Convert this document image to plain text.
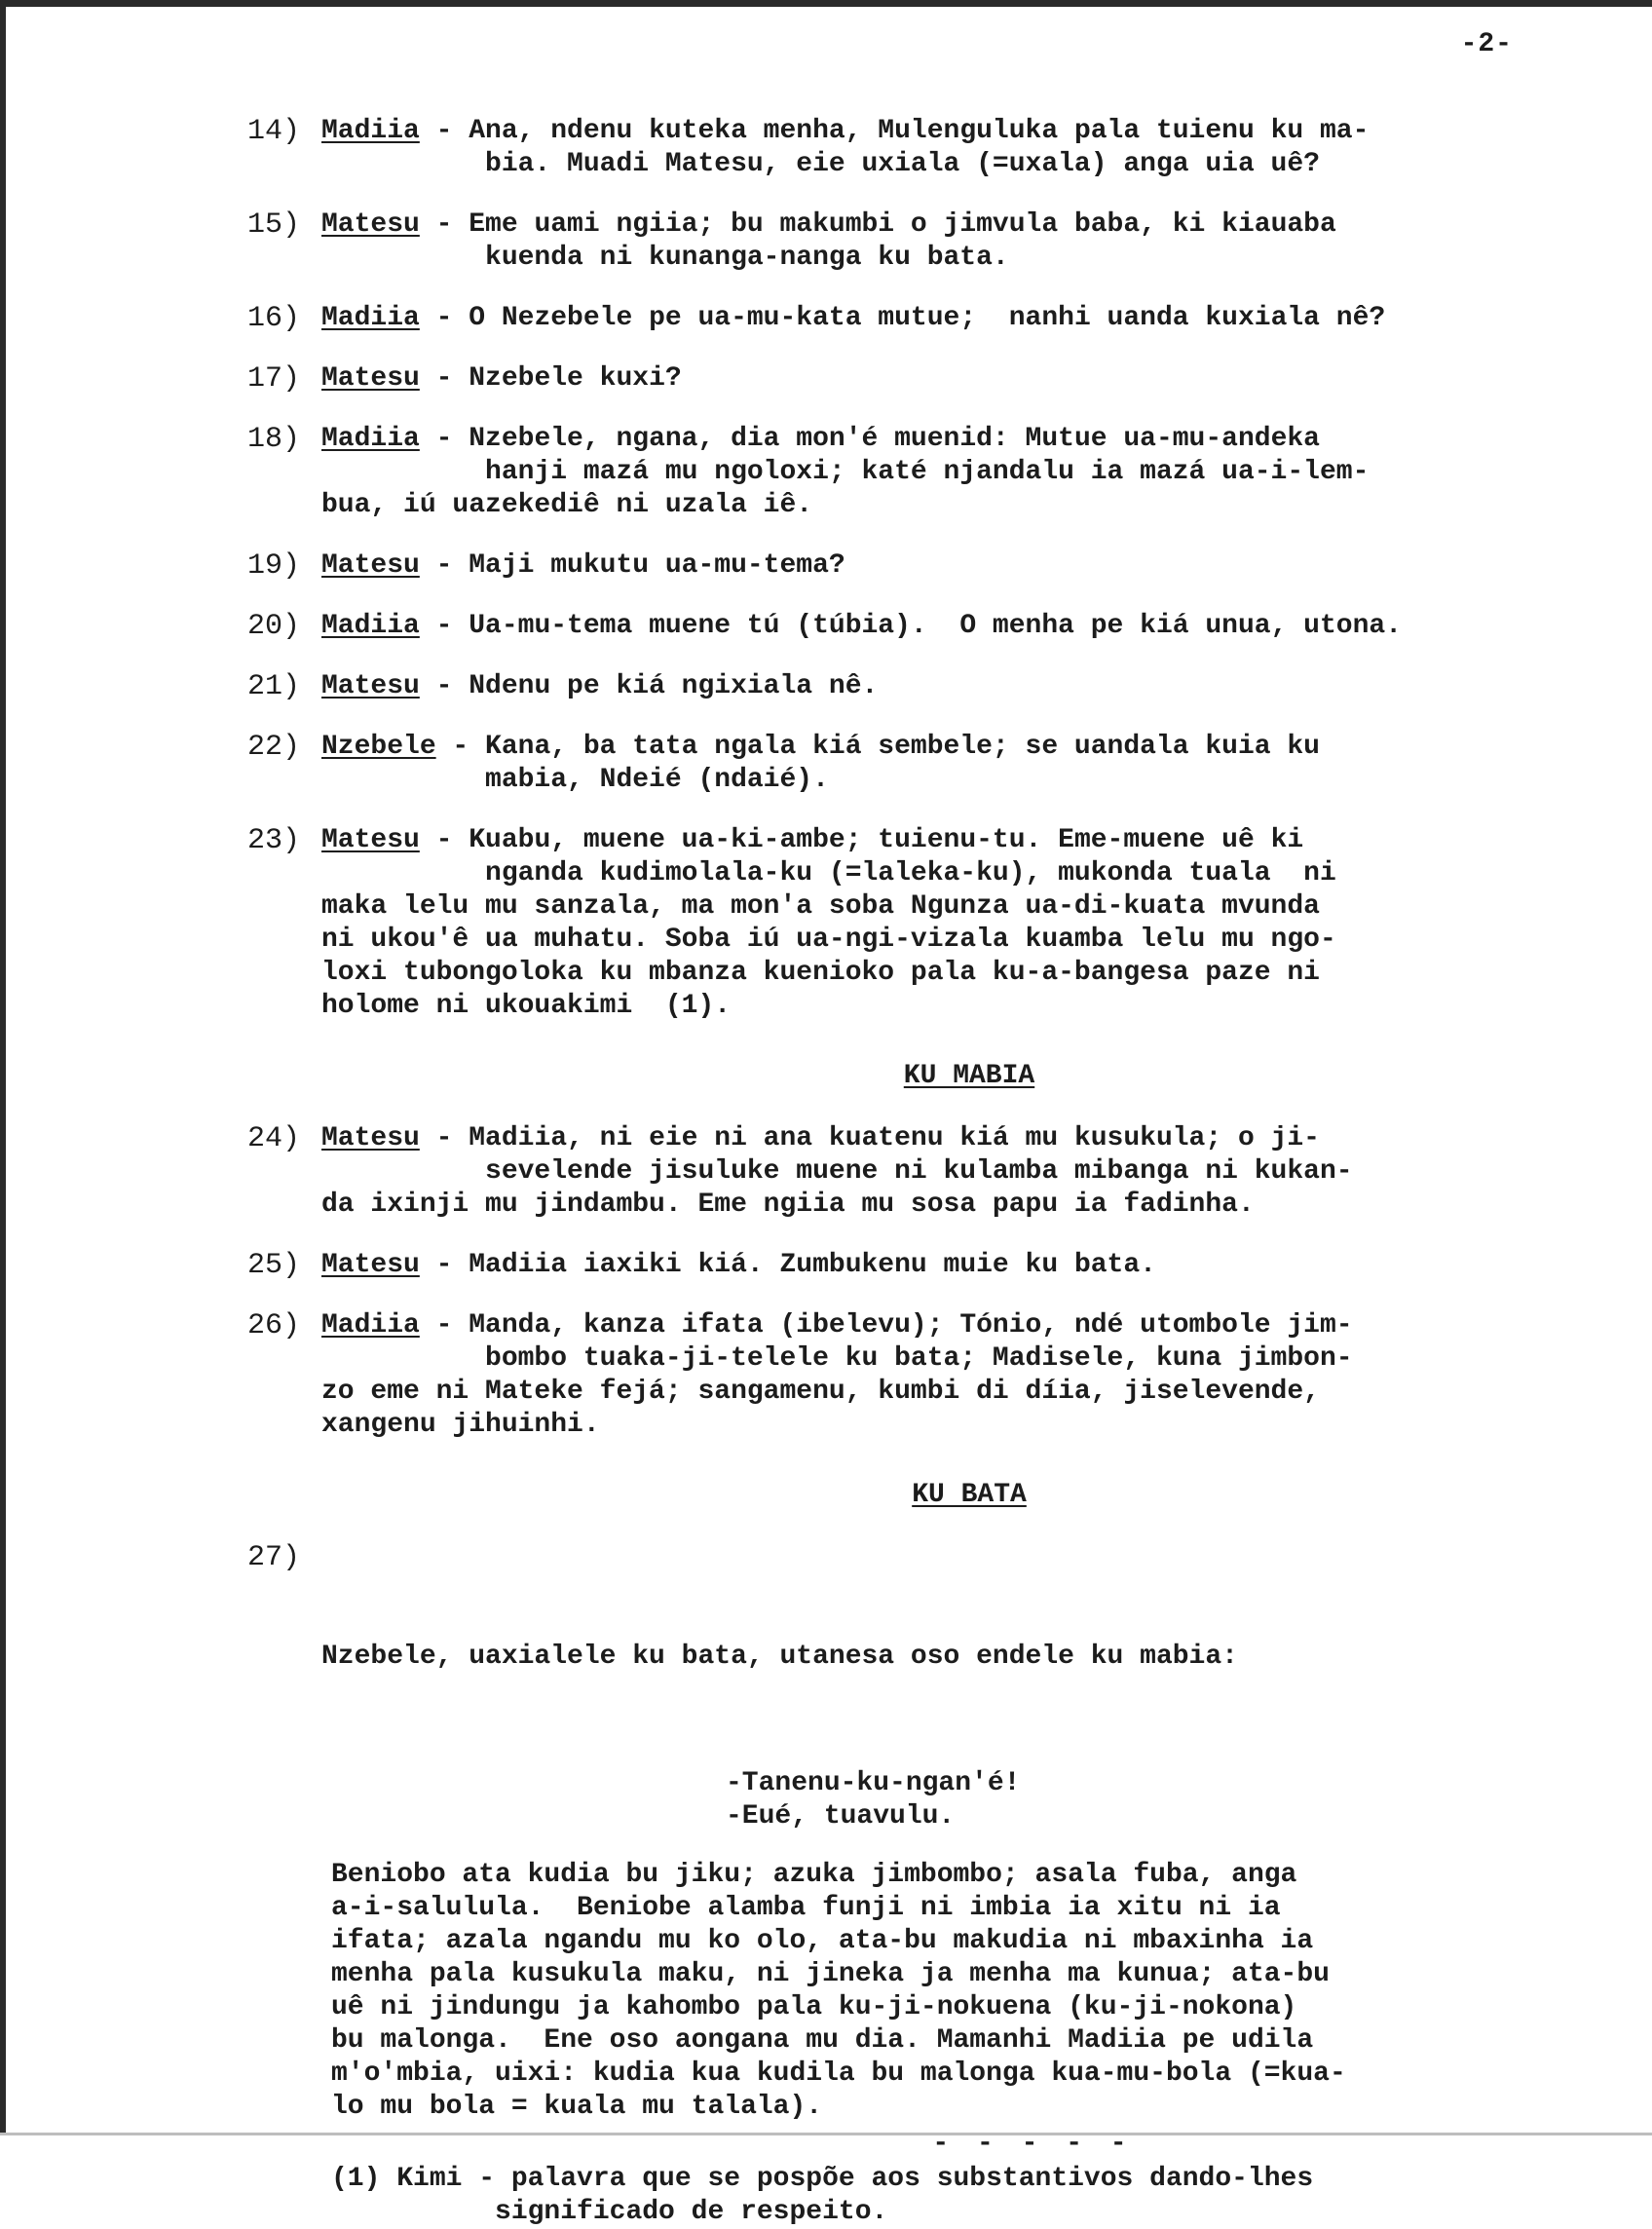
-2-
14) Madiia - Ana, ndenu kuteka menha, Mulenguluka pala tuienu ku ma-

bia. Muadi Matesu, eie uxiala (=uxala) anga uia uê?

15) Matesu - Eme uami ngiia; bu makumbi o jimvula baba, ki kiauaba

kuenda ni kunanga-nanga ku bata.

16) Madiia - O Nezebele pe ua-mu-kata mutue;  nanhi uanda kuxiala nê?

17) Matesu - Nzebele kuxi?

18) Madiia - Nzebele, ngana, dia mon'é muenid: Mutue ua-mu-andeka

hanji mazá mu ngoloxi; katé njandalu ia mazá ua-i-lem-

bua, iú uazekediê ni uzala iê.

19) Matesu - Maji mukutu ua-mu-tema?

20) Madiia - Ua-mu-tema muene tú (túbia).  O menha pe kiá unua, utona.

21) Matesu - Ndenu pe kiá ngixiala nê.

22) Nzebele - Kana, ba tata ngala kiá sembele; se uandala kuia ku

mabia, Ndeié (ndaié).

23) Matesu - Kuabu, muene ua-ki-ambe; tuienu-tu. Eme-muene uê ki

nganda kudimolala-ku (=laleka-ku), mukonda tuala  ni

maka lelu mu sanzala, ma mon'a soba Ngunza ua-di-kuata mvunda

ni ukou'ê ua muhatu. Soba iú ua-ngi-vizala kuamba lelu mu ngo-

loxi tubongoloka ku mbanza kuenioko pala ku-a-bangesa paze ni

holome ni ukouakimi  (1).

KU MABIA
24) Matesu - Madiia, ni eie ni ana kuatenu kiá mu kusukula; o ji-

sevelende jisuluke muene ni kulamba mibanga ni kukan-

da ixinji mu jindambu. Eme ngiia mu sosa papu ia fadinha.

25) Matesu - Madiia iaxiki kiá. Zumbukenu muie ku bata.

26) Madiia - Manda, kanza ifata (ibelevu); Tónio, ndé utombole jim-

bombo tuaka-ji-telele ku bata; Madisele, kuna jimbon-

zo eme ni Mateke fejá; sangamenu, kumbi di díia, jiselevende,

xangenu jihuinhi.

KU BATA

27)

Nzebele, uaxialele ku bata, utanesa oso endele ku mabia:

-Tanenu-ku-ngan'é!

-Eué, tuavulu.

Beniobo ata kudia bu jiku; azuka jimbombo; asala fuba, anga

a-i-salulula.  Beniobe alamba funji ni imbia ia xitu ni ia

ifata; azala ngandu mu ko olo, ata-bu makudia ni mbaxinha ia

menha pala kusukula maku, ni jineka ja menha ma kunua; ata-bu

uê ni jindungu ja kahombo pala ku-ji-nokuena (ku-ji-nokona)

bu malonga.  Ene oso aongana mu dia. Mamanhi Madiia pe udila

m'o'mbia, uixi: kudia kua kudila bu malonga kua-mu-bola (=kua-

lo mu bola = kuala mu talala).

- - - - -

(1) Kimi - palavra que se pospõe aos substantivos dando-lhes

significado de respeito.
